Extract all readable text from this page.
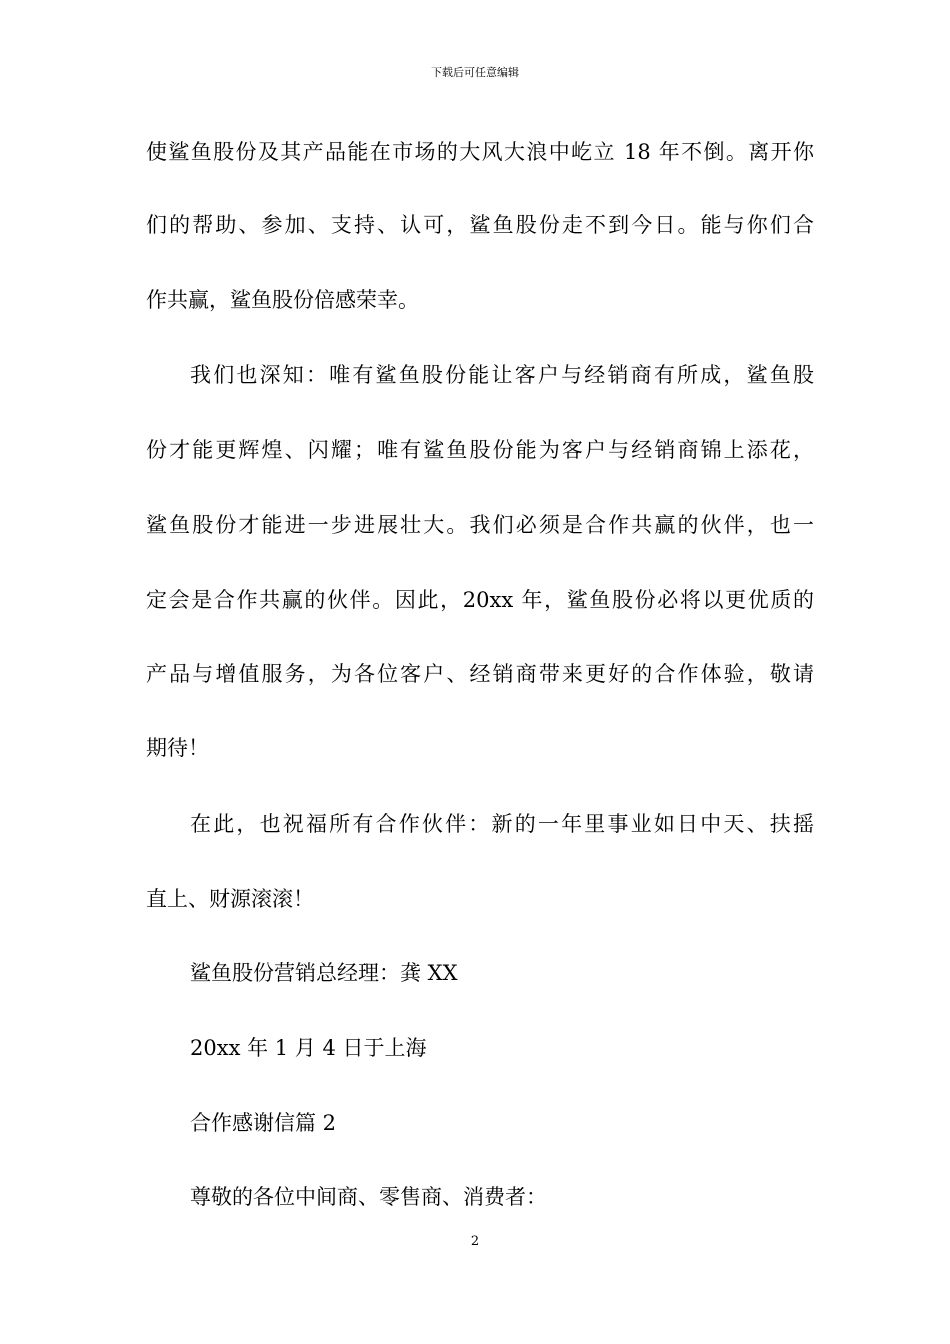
下载后可任意编辑
使鲨鱼股份及其产品能在市场的大风大浪中屹立 18 年不倒。离开你
们的帮助、参加、支持、认可，鲨鱼股份走不到今日。能与你们合
作共赢，鲨鱼股份倍感荣幸。
我们也深知：唯有鲨鱼股份能让客户与经销商有所成，鲨鱼股
份才能更辉煌、闪耀；唯有鲨鱼股份能为客户与经销商锦上添花，
鲨鱼股份才能进一步进展壮大。我们必须是合作共赢的伙伴，也一
定会是合作共赢的伙伴。因此，20xx 年，鲨鱼股份必将以更优质的
产品与增值服务，为各位客户、经销商带来更好的合作体验，敬请
期待！
在此，也祝福所有合作伙伴：新的一年里事业如日中天、扶摇
直上、财源滚滚！
鲨鱼股份营销总经理：龚 XX
20xx 年 1 月 4 日于上海
合作感谢信篇 2
尊敬的各位中间商、零售商、消费者：
2
